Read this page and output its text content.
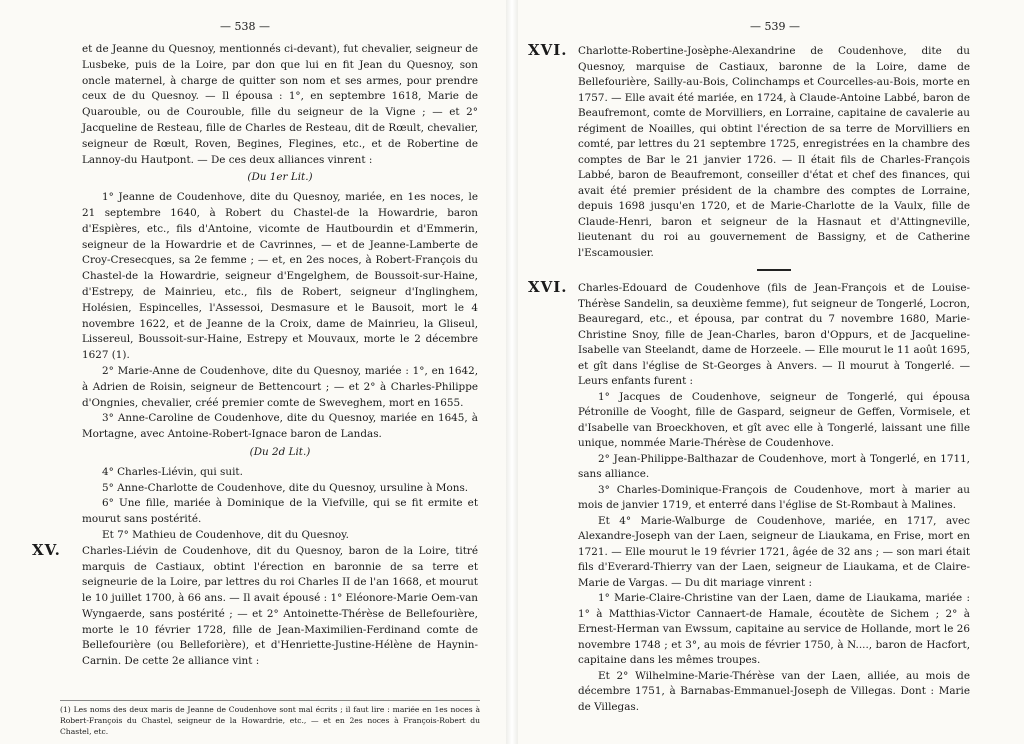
— 538 —

et de Jeanne du Quesnoy, mentionnés ci-devant), fut chevalier, seigneur de Lusbeke, puis de la Loire, par don que lui en fit Jean du Quesnoy, son oncle maternel, à charge de quitter son nom et ses armes, pour prendre ceux de du Quesnoy. — Il épousa : 1°, en septembre 1618, Marie de Quarouble, ou de Courouble, fille du seigneur de la Vigne ; — et 2° Jacqueline de Resteau, fille de Charles de Resteau, dit de Rœult, chevalier, seigneur de Rœult, Roven, Begines, Flegines, etc., et de Robertine de Lannoy-du Hautpont. — De ces deux alliances vinrent :

(Du 1er Lit.)

1° Jeanne de Coudenhove, dite du Quesnoy, mariée, en 1es noces, le 21 septembre 1640, à Robert du Chastel-de la Howardrie, baron d'Espières, etc., fils d'Antoine, vicomte de Hautbourdin et d'Emmerin, seigneur de la Howardrie et de Cavrinnes, — et de Jeanne-Lamberte de Croy-Cresecques, sa 2e femme ; — et, en 2es noces, à Robert-François du Chastel-de la Howardrie, seigneur d'Engelghem, de Boussoit-sur-Haine, d'Estrepy, de Mainrieu, etc., fils de Robert, seigneur d'Inglinghem, Holésien, Espincelles, l'Assessoi, Desmasure et le Bausoit, mort le 4 novembre 1622, et de Jeanne de la Croix, dame de Mainrieu, la Gliseul, Lissereul, Boussoit-sur-Haine, Estrepy et Mouvaux, morte le 2 décembre 1627 (1).

2° Marie-Anne de Coudenhove, dite du Quesnoy, mariée : 1°, en 1642, à Adrien de Roisin, seigneur de Bettencourt ; — et 2° à Charles-Philippe d'Ongnies, chevalier, créé premier comte de Sweveghem, mort en 1655.

3° Anne-Caroline de Coudenhove, dite du Quesnoy, mariée en 1645, à Mortagne, avec Antoine-Robert-Ignace baron de Landas.

(Du 2d Lit.)

4° Charles-Liévin, qui suit.

5° Anne-Charlotte de Coudenhove, dite du Quesnoy, ursuline à Mons.

6° Une fille, mariée à Dominique de la Viefville, qui se fit ermite et mourut sans postérité.

Et 7° Mathieu de Coudenhove, dit du Quesnoy.

XV. Charles-Liévin de Coudenhove, dit du Quesnoy, baron de la Loire, titré marquis de Castiaux, obtint l'érection en baronnie de sa terre et seigneurie de la Loire, par lettres du roi Charles II de l'an 1668, et mourut le 10 juillet 1700, à 66 ans. — Il avait épousé : 1° Eléonore-Marie Oem-van Wyngaerde, sans postérité ; — et 2° Antoinette-Thérèse de Bellefourière, morte le 10 février 1728, fille de Jean-Maximilien-Ferdinand comte de Bellefourière (ou Belleforière), et d'Henriette-Justine-Hélène de Haynin-Carnin. De cette 2e alliance vint :

(1) Les noms des deux maris de Jeanne de Coudenhove sont mal écrits ; il faut lire : mariée en 1es noces à Robert-François du Chastel, seigneur de la Howardrie, etc., — et en 2es noces à François-Robert du Chastel, etc.
— 539 —
XVI. Charlotte-Robertine-Josèphe-Alexandrine de Coudenhove, dite du Quesnoy, marquise de Castiaux, baronne de la Loire, dame de Bellefourière, Sailly-au-Bois, Colinchamps et Courcelles-au-Bois, morte en 1757. — Elle avait été mariée, en 1724, à Claude-Antoine Labbé, baron de Beaufremont, comte de Morvilliers, en Lorraine, capitaine de cavalerie au régiment de Noailles, qui obtint l'érection de sa terre de Morvilliers en comté, par lettres du 21 septembre 1725, enregistrées en la chambre des comptes de Bar le 21 janvier 1726. — Il était fils de Charles-François Labbé, baron de Beaufremont, conseiller d'état et chef des finances, qui avait été premier président de la chambre des comptes de Lorraine, depuis 1698 jusqu'en 1720, et de Marie-Charlotte de la Vaulx, fille de Claude-Henri, baron et seigneur de la Hasnaut et d'Attingneville, lieutenant du roi au gouvernement de Bassigny, et de Catherine l'Escamousier.

XVI. Charles-Edouard de Coudenhove (fils de Jean-François et de Louise-Thérèse Sandelin, sa deuxième femme), fut seigneur de Tongerlé, Locron, Beauregard, etc., et épousa, par contrat du 7 novembre 1680, Marie-Christine Snoy, fille de Jean-Charles, baron d'Oppurs, et de Jacqueline-Isabelle van Steelandt, dame de Horzeele. — Elle mourut le 11 août 1695, et gît dans l'église de St-Georges à Anvers. — Il mourut à Tongerlé. — Leurs enfants furent :

1° Jacques de Coudenhove, seigneur de Tongerlé, qui épousa Pétronille de Vooght, fille de Gaspard, seigneur de Geffen, Vormisele, et d'Isabelle van Broeckhoven, et gît avec elle à Tongerlé, laissant une fille unique, nommée Marie-Thérèse de Coudenhove.

2° Jean-Philippe-Balthazar de Coudenhove, mort à Tongerlé, en 1711, sans alliance.

3° Charles-Dominique-François de Coudenhove, mort à marier au mois de janvier 1719, et enterré dans l'église de St-Rombaut à Malines.

Et 4° Marie-Walburge de Coudenhove, mariée, en 1717, avec Alexandre-Joseph van der Laen, seigneur de Liaukama, en Frise, mort en 1721. — Elle mourut le 19 février 1721, âgée de 32 ans ; — son mari était fils d'Everard-Thierry van der Laen, seigneur de Liaukama, et de Claire-Marie de Vargas. — Du dit mariage vinrent :

1° Marie-Claire-Christine van der Laen, dame de Liaukama, mariée : 1° à Matthias-Victor Cannaert-de Hamale, écoutète de Sichem ; 2° à Ernest-Herman van Ewssum, capitaine au service de Hollande, mort le 26 novembre 1748 ; et 3°, au mois de février 1750, à N...., baron de Hacfort, capitaine dans les mêmes troupes.

Et 2° Wilhelmine-Marie-Thérèse van der Laen, alliée, au mois de décembre 1751, à Barnabas-Emmanuel-Joseph de Villegas. Dont : Marie de Villegas.
